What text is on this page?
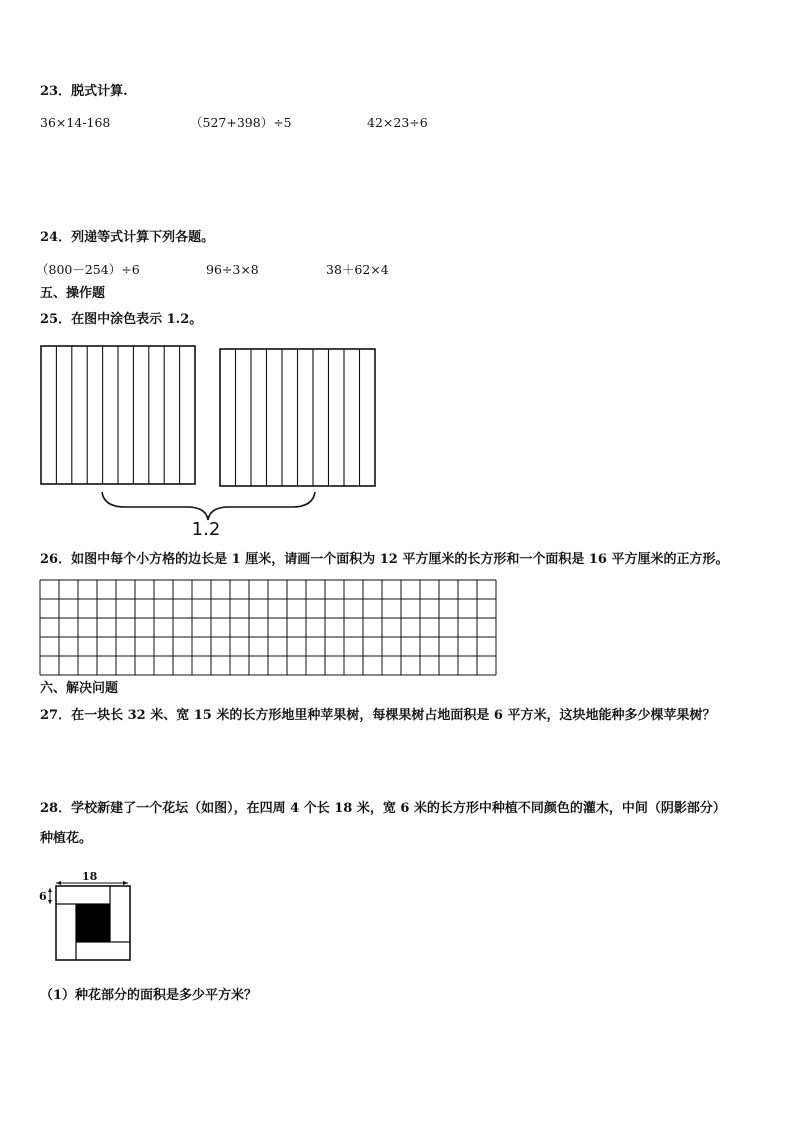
23．脱式计算.
36×14-168	（527+398）÷5	42×23÷6
24．列递等式计算下列各题。
（800－254）÷6	96÷3×8	38＋62×4
五、操作题
25．在图中涂色表示 1.2。
1.2
26．如图中每个小方格的边长是 1 厘米，请画一个面积为 12 平方厘米的长方形和一个面积是 16 平方厘米的正方形。
六、解决问题
27．在一块长 32 米、宽 15 米的长方形地里种苹果树，每棵果树占地面积是 6 平方米，这块地能种多少棵苹果树？
28．学校新建了一个花坛（如图），在四周 4 个长 18 米，宽 6 米的长方形中种植不同颜色的灌木，中间（阴影部分）
种植花。
18
6
（1）种花部分的面积是多少平方米？
